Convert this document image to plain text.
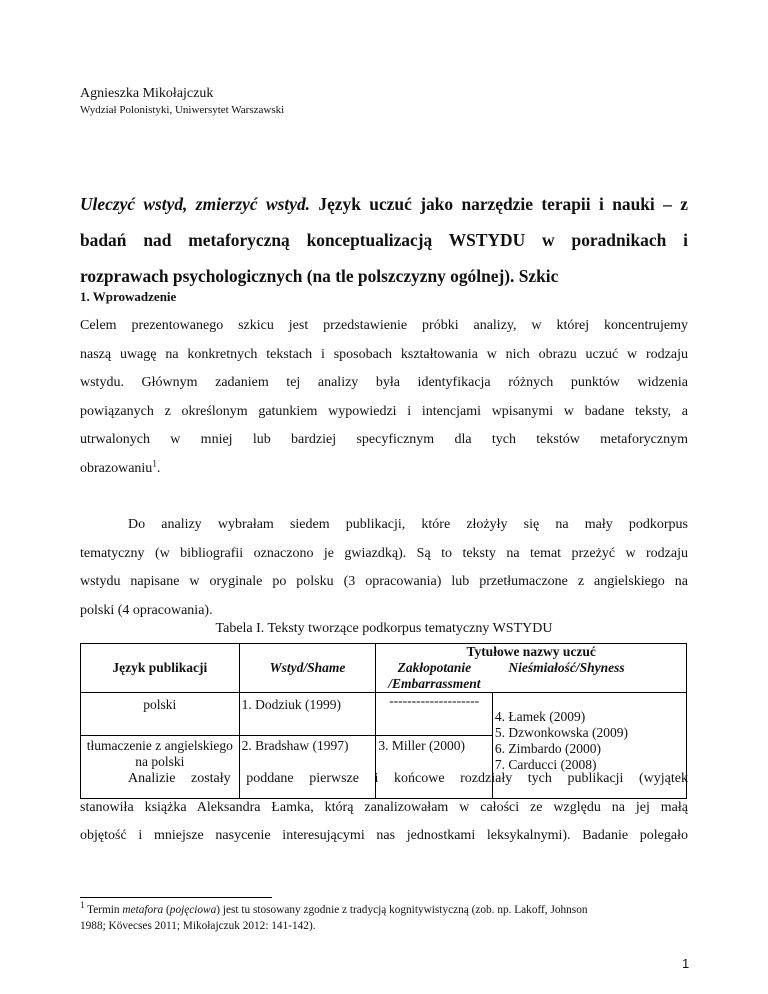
Agnieszka Mikołajczuk
Wydział Polonistyki, Uniwersytet Warszawski
Uleczyć wstyd, zmierzyć wstyd. Język uczuć jako narzędzie terapii i nauki – z
badań nad metaforyczną konceptualizacją WSTYDU w poradnikach i
rozprawach psychologicznych (na tle polszczyzny ogólnej). Szkic
1. Wprowadzenie
Celem prezentowanego szkicu jest przedstawienie próbki analizy, w której koncentrujemy
naszą uwagę na konkretnych tekstach i sposobach kształtowania w nich obrazu uczuć w rodzaju
wstydu. Głównym zadaniem tej analizy była identyfikacja różnych punktów widzenia
powiązanych z określonym gatunkiem wypowiedzi i intencjami wpisanymi w badane teksty, a
utrwalonych w mniej lub bardziej specyficznym dla tych tekstów metaforycznym
obrazowaniu$^1$.
Do analizy wybrałam siedem publikacji, które złożyły się na mały podkorpus
tematyczny (w bibliografii oznaczono je gwiazdką). Są to teksty na temat przeżyć w rodzaju
wstydu napisane w oryginale po polsku (3 opracowania) lub przetłumaczone z angielskiego na
polski (4 opracowania).
Tabela I. Teksty tworzące podkorpus tematyczny WSTYDU
Język publikacji	Wstyd/Shame	Tytułowe nazwy uczuć	
		Zakłopotanie /Embarrassment	Nieśmiałość/Shyness
polski	1. Dodziuk (1999)	--------------------	4. Łamek (2009)
5. Dzwonkowska (2009)
6. Zimbardo (2000)
7. Carducci (2008)

tłumaczenie z angielskiego na polski	2. Bradshaw (1997)	3. Miller (2000)	
Analizie zostały poddane pierwsze i końcowe rozdziały tych publikacji (wyjątek
stanowiła książka Aleksandra Łamka, którą zanalizowałam w całości ze względu na jej małą
objętość i mniejsze nasycenie interesującymi nas jednostkami leksykalnymi). Badanie polegało
$^1$ Termin metafora (pojęciowa) jest tu stosowany zgodnie z tradycją kognitywistyczną (zob. np. Lakoff, Johnson
1988; Kövecses 2011; Mikołajczuk 2012: 141-142).
1
